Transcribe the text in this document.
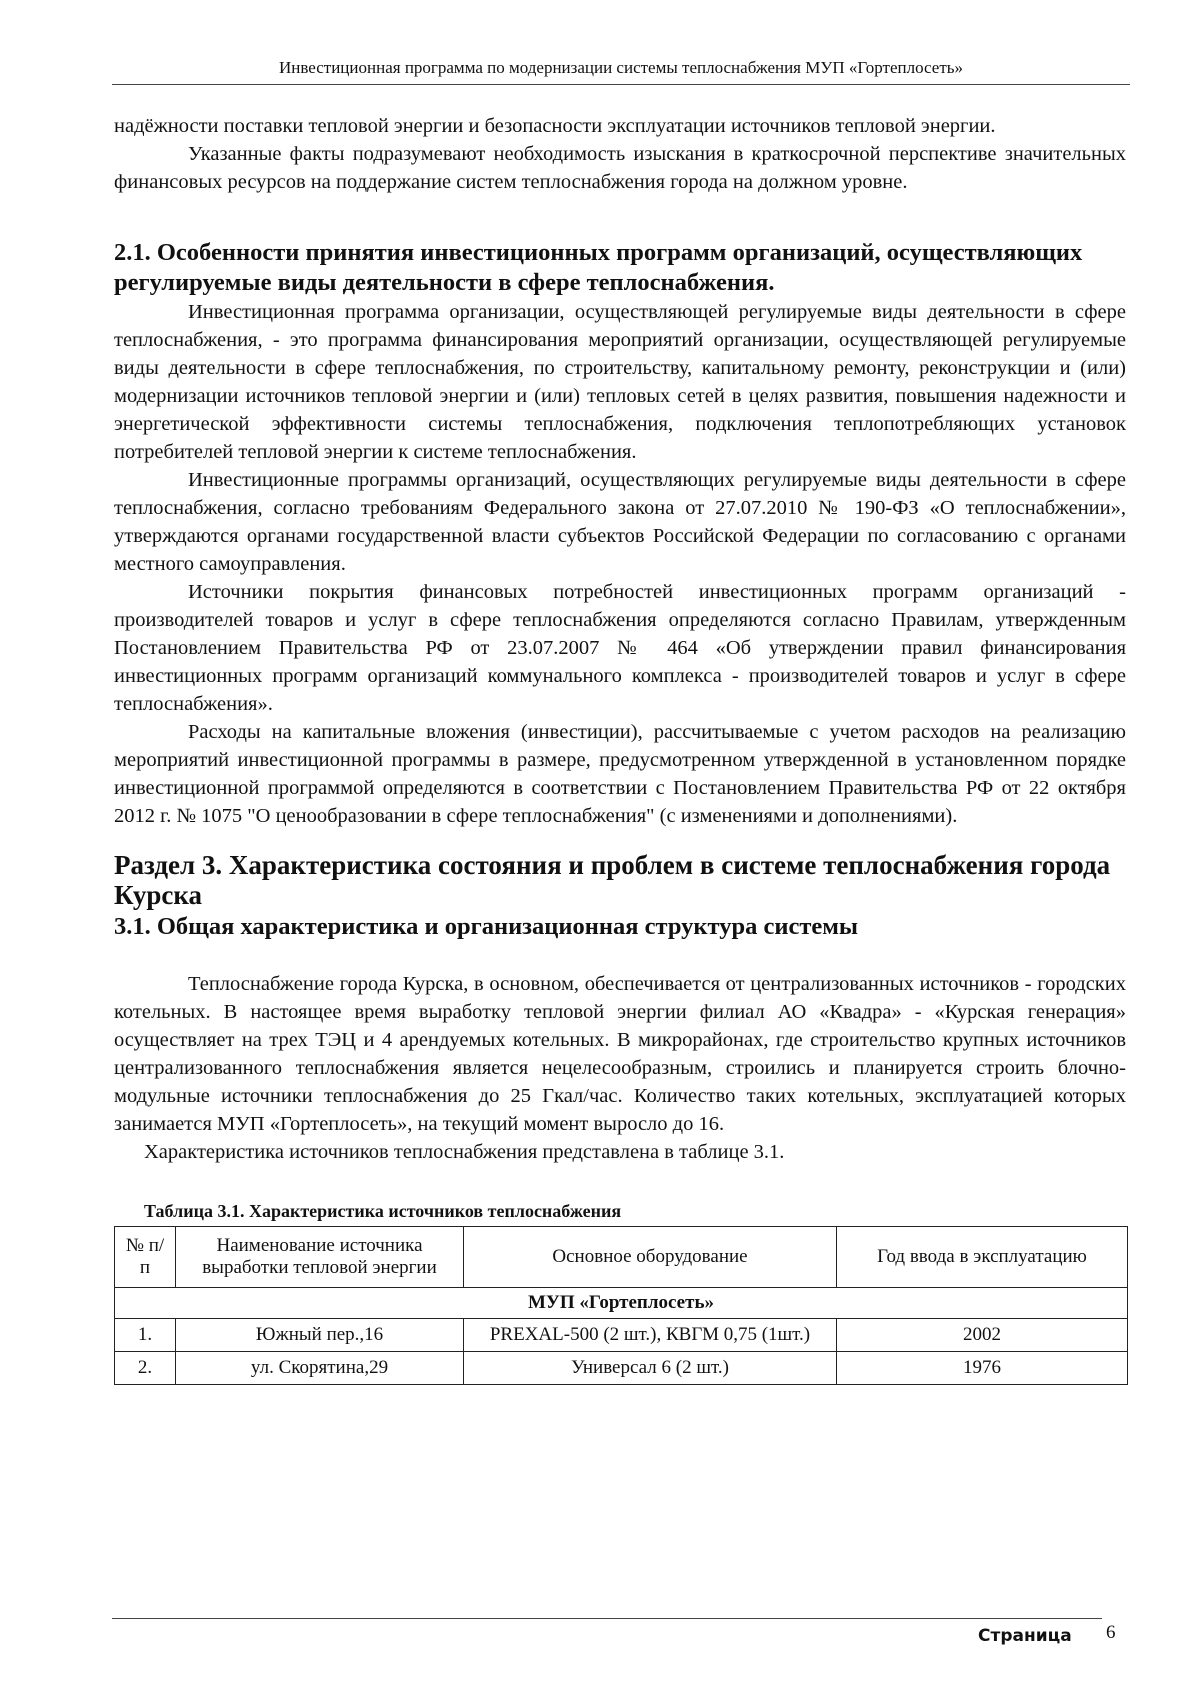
Инвестиционная программа по модернизации системы теплоснабжения МУП «Гортеплосеть»

надёжности поставки тепловой энергии и безопасности эксплуатации источников тепловой энергии.

Указанные факты подразумевают необходимость изыскания в краткосрочной перспективе значительных финансовых ресурсов на поддержание систем теплоснабжения города на должном уровне.

2.1. Особенности принятия инвестиционных программ организаций, осуществляющих регулируемые виды деятельности в сфере теплоснабжения.

Инвестиционная программа организации, осуществляющей регулируемые виды деятельности в сфере теплоснабжения, - это программа финансирования мероприятий организации, осуществляющей регулируемые виды деятельности в сфере теплоснабжения, по строительству, капитальному ремонту, реконструкции и (или) модернизации источников тепловой энергии и (или) тепловых сетей в целях развития, повышения надежности и энергетической эффективности системы теплоснабжения, подключения теплопотребляющих установок потребителей тепловой энергии к системе теплоснабжения.

Инвестиционные программы организаций, осуществляющих регулируемые виды деятельности в сфере теплоснабжения, согласно требованиям Федерального закона от 27.07.2010 № 190-ФЗ «О теплоснабжении», утверждаются органами государственной власти субъектов Российской Федерации по согласованию с органами местного самоуправления.

Источники покрытия финансовых потребностей инвестиционных программ организаций - производителей товаров и услуг в сфере теплоснабжения определяются согласно Правилам, утвержденным Постановлением Правительства РФ от 23.07.2007 № 464 «Об утверждении правил финансирования инвестиционных программ организаций коммунального комплекса - производителей товаров и услуг в сфере теплоснабжения».

Расходы на капитальные вложения (инвестиции), рассчитываемые с учетом расходов на реализацию мероприятий инвестиционной программы в размере, предусмотренном утвержденной в установленном порядке инвестиционной программой определяются в соответствии с Постановлением Правительства РФ от 22 октября 2012 г. № 1075 "О ценообразовании в сфере теплоснабжения" (с изменениями и дополнениями).

Раздел 3. Характеристика состояния и проблем в системе теплоснабжения города Курска
3.1. Общая характеристика и организационная структура системы

Теплоснабжение города Курска, в основном, обеспечивается от централизованных источников - городских котельных. В настоящее время выработку тепловой энергии филиал АО «Квадра» - «Курская генерация» осуществляет на трех ТЭЦ и 4 арендуемых котельных. В микрорайонах, где строительство крупных источников централизованного теплоснабжения является нецелесообразным, строились и планируется строить блочно-модульные источники теплоснабжения до 25 Гкал/час. Количество таких котельных, эксплуатацией которых занимается МУП «Гортеплосеть», на текущий момент выросло до 16.

Характеристика источников теплоснабжения представлена в таблице 3.1.

Таблица 3.1. Характеристика источников теплоснабжения
№ п/п	Наименование источника выработки тепловой энергии	Основное оборудование	Год ввода в эксплуатацию
МУП «Гортеплосеть»			
1.	Южный пер.,16	PREXAL-500 (2 шт.), КВГМ 0,75 (1шт.)	2002
2.	ул. Скорятина,29	Универсал 6 (2 шт.)	1976
Страница 6
